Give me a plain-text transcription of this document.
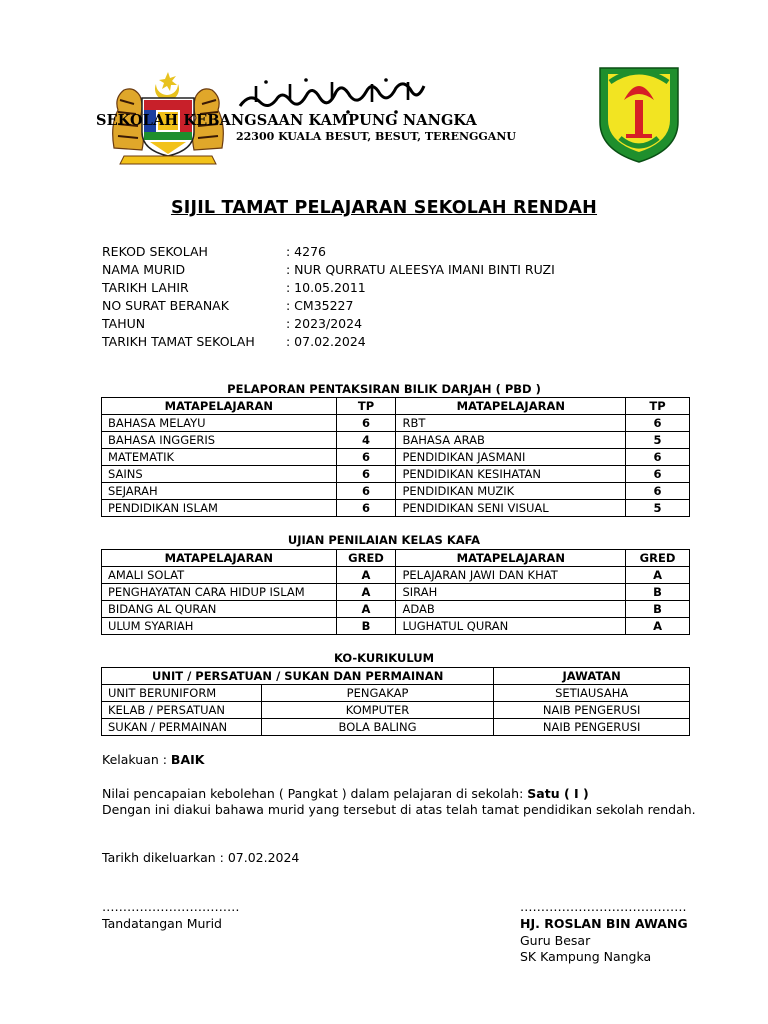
SEKOLAH KEBANGSAAN KAMPUNG NANGKA
22300 KUALA BESUT, BESUT, TERENGGANU
SIJIL TAMAT PELAJARAN SEKOLAH RENDAH
REKOD SEKOLAH	: 4276
NAMA MURID	: NUR QURRATU ALEESYA IMANI BINTI RUZI
TARIKH LAHIR	: 10.05.2011
NO SURAT BERANAK	: CM35227
TAHUN	: 2023/2024
TARIKH TAMAT SEKOLAH	: 07.02.2024
PELAPORAN PENTAKSIRAN BILIK DARJAH ( PBD )
MATAPELAJARAN	TP	MATAPELAJARAN	TP
BAHASA MELAYU	6	RBT	6
BAHASA INGGERIS	4	BAHASA ARAB	5
MATEMATIK	6	PENDIDIKAN JASMANI	6
SAINS	6	PENDIDIKAN KESIHATAN	6
SEJARAH	6	PENDIDIKAN MUZIK	6
PENDIDIKAN ISLAM	6	PENDIDIKAN SENI VISUAL	5
UJIAN PENILAIAN KELAS KAFA
MATAPELAJARAN	GRED	MATAPELAJARAN	GRED
AMALI SOLAT	A	PELAJARAN JAWI DAN KHAT	A
PENGHAYATAN CARA HIDUP ISLAM	A	SIRAH	B
BIDANG AL QURAN	A	ADAB	B
ULUM SYARIAH	B	LUGHATUL QURAN	A
KO-KURIKULUM
UNIT / PERSATUAN / SUKAN DAN PERMAINAN		JAWATAN
UNIT BERUNIFORM	PENGAKAP	SETIAUSAHA
KELAB / PERSATUAN	KOMPUTER	NAIB PENGERUSI
SUKAN / PERMAINAN	BOLA BALING	NAIB PENGERUSI
Kelakuan : BAIK
Nilai pencapaian kebolehan ( Pangkat ) dalam pelajaran di sekolah: Satu ( I )
Dengan ini diakui bahawa murid yang tersebut di atas telah tamat pendidikan sekolah rendah.
Tarikh dikeluarkan : 07.02.2024
……………………………
Tandatangan Murid
………………………………….
HJ. ROSLAN BIN AWANG
Guru Besar
SK Kampung Nangka
